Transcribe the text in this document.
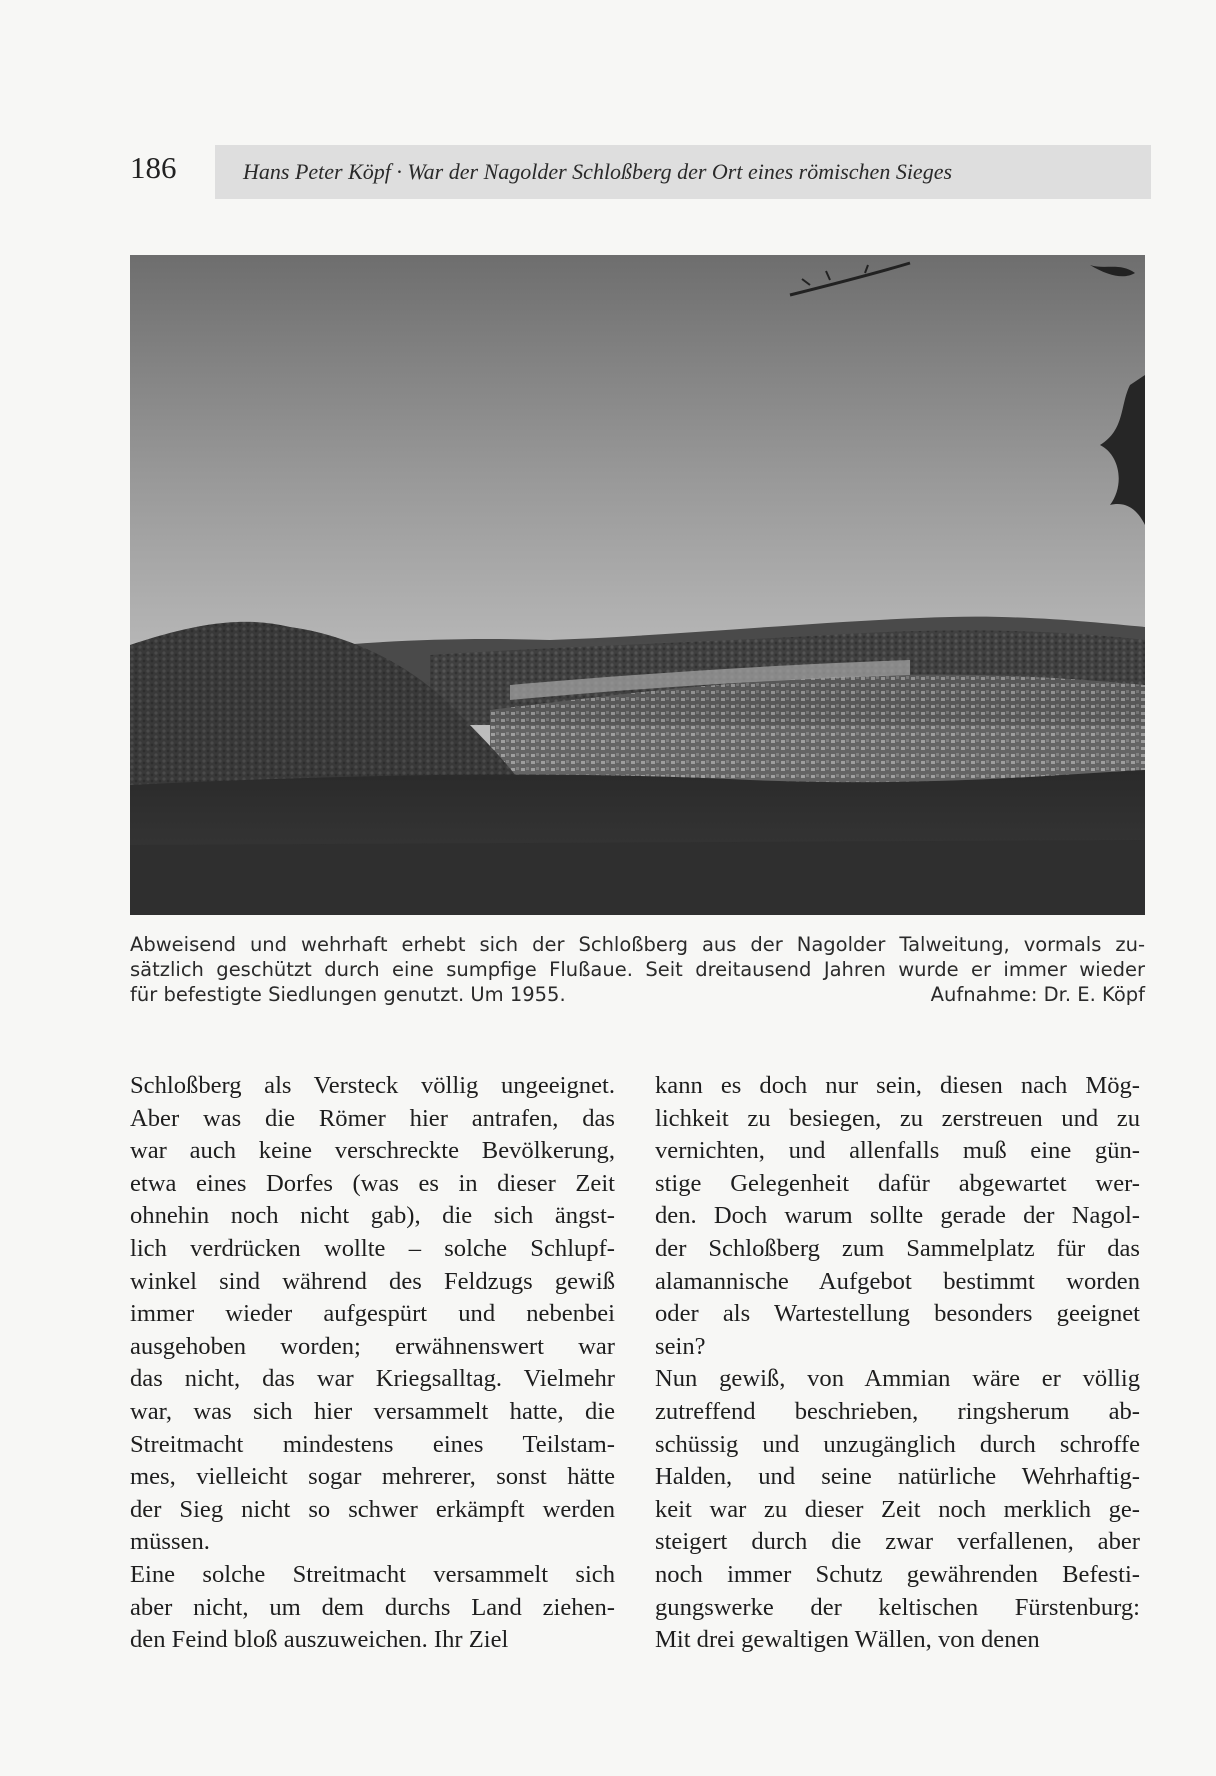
186	Hans Peter Köpf · War der Nagolder Schloßberg der Ort eines römischen Sieges
Abweisend und wehrhaft erhebt sich der Schloßberg aus der Nagolder Talweitung, vormals zu-
sätzlich geschützt durch eine sumpfige Flußaue. Seit dreitausend Jahren wurde er immer wieder
für befestigte Siedlungen genutzt. Um 1955.	Aufnahme: Dr. E. Köpf
Schloßberg als Versteck völlig ungeeignet.
Aber was die Römer hier antrafen, das
war auch keine verschreckte Bevölkerung,
etwa eines Dorfes (was es in dieser Zeit
ohnehin noch nicht gab), die sich ängst-
lich verdrücken wollte – solche Schlupf-
winkel sind während des Feldzugs gewiß
immer wieder aufgespürt und nebenbei
ausgehoben worden; erwähnenswert war
das nicht, das war Kriegsalltag. Vielmehr
war, was sich hier versammelt hatte, die
Streitmacht mindestens eines Teilstam-
mes, vielleicht sogar mehrerer, sonst hätte
der Sieg nicht so schwer erkämpft werden
müssen.
Eine solche Streitmacht versammelt sich
aber nicht, um dem durchs Land ziehen-
den Feind bloß auszuweichen. Ihr Ziel
kann es doch nur sein, diesen nach Mög-
lichkeit zu besiegen, zu zerstreuen und zu
vernichten, und allenfalls muß eine gün-
stige Gelegenheit dafür abgewartet wer-
den. Doch warum sollte gerade der Nagol-
der Schloßberg zum Sammelplatz für das
alamannische Aufgebot bestimmt worden
oder als Wartestellung besonders geeignet
sein?
Nun gewiß, von Ammian wäre er völlig
zutreffend beschrieben, ringsherum ab-
schüssig und unzugänglich durch schroffe
Halden, und seine natürliche Wehrhaftig-
keit war zu dieser Zeit noch merklich ge-
steigert durch die zwar verfallenen, aber
noch immer Schutz gewährenden Befesti-
gungswerke der keltischen Fürstenburg:
Mit drei gewaltigen Wällen, von denen
